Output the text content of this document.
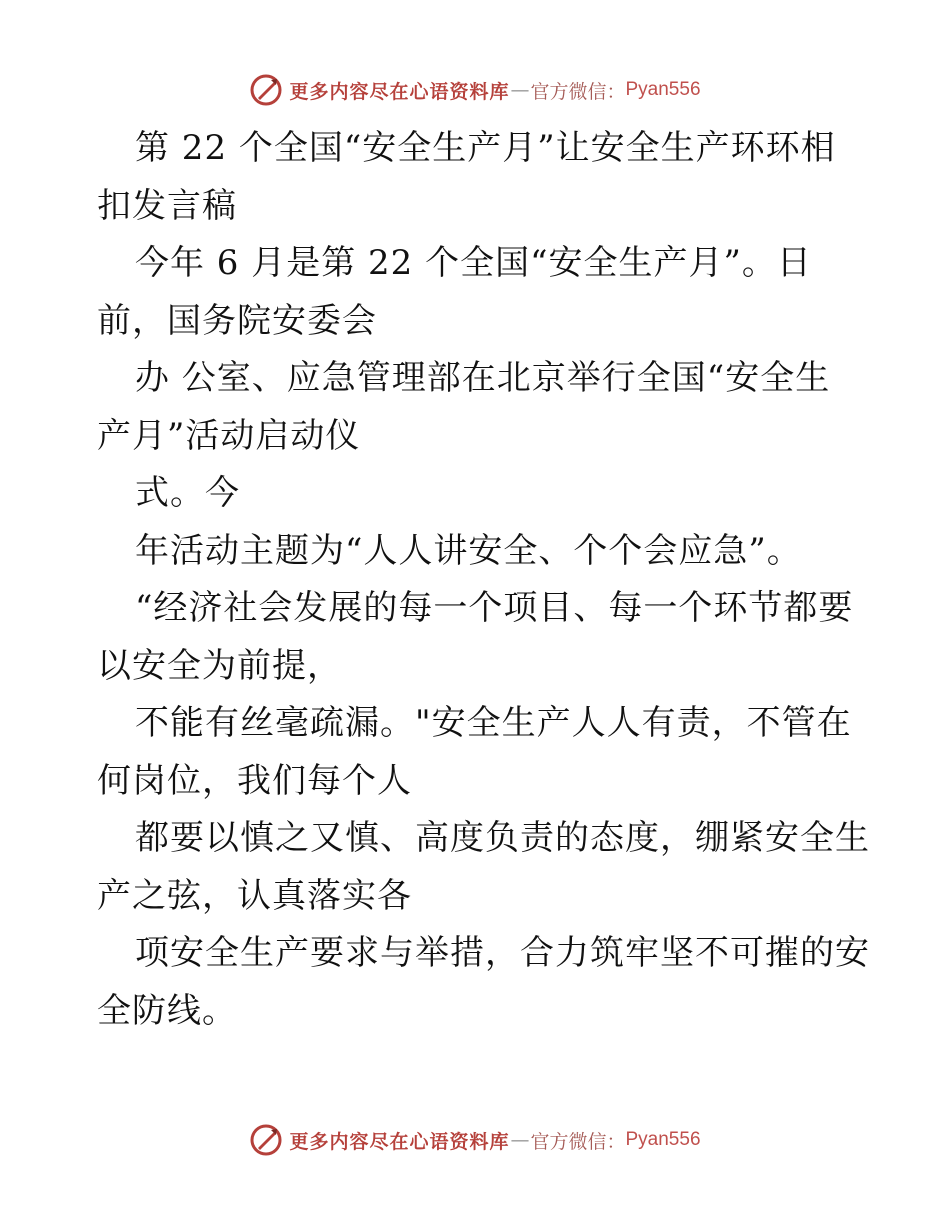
更多内容尽在心语资料库 — 官方微信： Pyan556
第 22 个全国“安全生产月”让安全生产环环相
扣发言稿
今年 6 月是第 22 个全国“安全生产月”。日
前，国务院安委会
办 公室、应急管理部在北京举行全国“安全生
产月”活动启动仪
式。今
年活动主题为“人人讲安全、个个会应急”。
“经济社会发展的每一个项目、每一个环节都要
以安全为前提，
不能有丝毫疏漏。"安全生产人人有责，不管在
何岗位，我们每个人
都要以慎之又慎、高度负责的态度，绷紧安全生
产之弦，认真落实各
项安全生产要求与举措，合力筑牢坚不可摧的安
全防线。
更多内容尽在心语资料库 — 官方微信： Pyan556
